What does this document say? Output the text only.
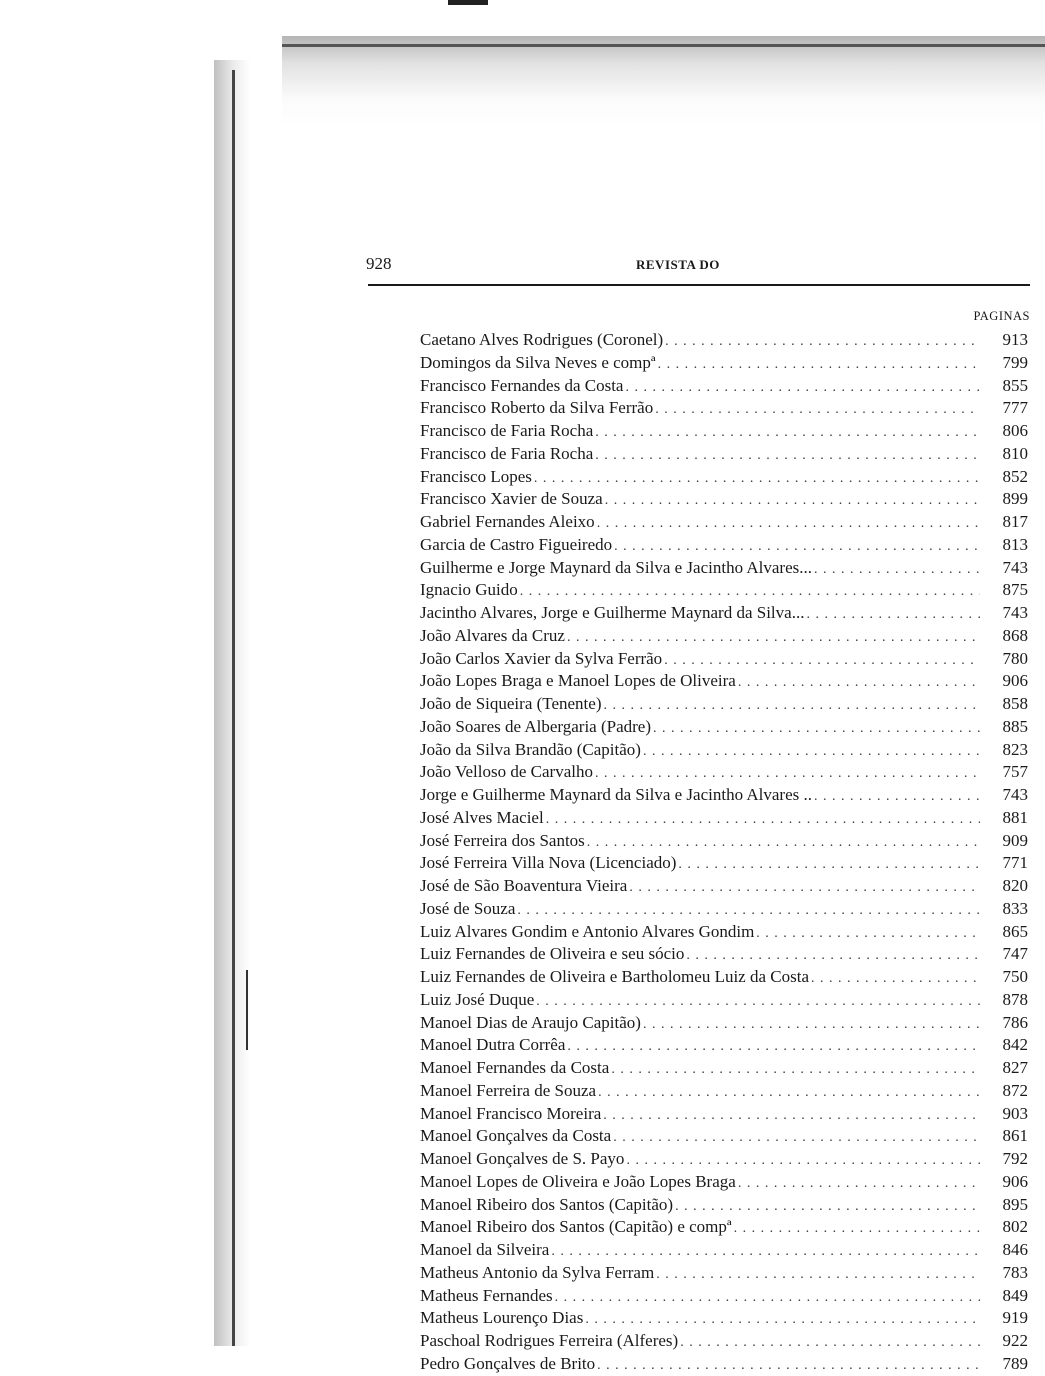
928	REVISTA DO
PAGINAS
Caetano Alves Rodrigues (Coronel) . . .	913
Domingos da Silva Neves e compª . . .	799
Francisco Fernandes da Costa . . .	855
Francisco Roberto da Silva Ferrão . . .	777
Francisco de Faria Rocha . . .	806
Francisco de Faria Rocha . . .	810
Francisco Lopes . . .	852
Francisco Xavier de Souza . . .	899
Gabriel Fernandes Aleixo . . .	817
Garcia de Castro Figueiredo . . .	813
Guilherme e Jorge Maynard da Silva e Jacintho Alvares... . . .	743
Ignacio Guido . . .	875
Jacintho Alvares, Jorge e Guilherme Maynard da Silva... . . .	743
João Alvares da Cruz . . .	868
João Carlos Xavier da Sylva Ferrão . . .	780
João Lopes Braga e Manoel Lopes de Oliveira . . .	906
João de Siqueira (Tenente) . . .	858
João Soares de Albergaria (Padre) . . .	885
João da Silva Brandão (Capitão) . . .	823
João Velloso de Carvalho . . .	757
Jorge e Guilherme Maynard da Silva e Jacintho Alvares .. . . .	743
José Alves Maciel . . .	881
José Ferreira dos Santos . . .	909
José Ferreira Villa Nova (Licenciado) . . .	771
José de São Boaventura Vieira . . .	820
José de Souza . . .	833
Luiz Alvares Gondim e Antonio Alvares Gondim . . .	865
Luiz Fernandes de Oliveira e seu sócio . . .	747
Luiz Fernandes de Oliveira e Bartholomeu Luiz da Costa . . .	750
Luiz José Duque . . .	878
Manoel Dias de Araujo Capitão) . . .	786
Manoel Dutra Corrêa . . .	842
Manoel Fernandes da Costa . . .	827
Manoel Ferreira de Souza . . .	872
Manoel Francisco Moreira . . .	903
Manoel Gonçalves da Costa . . .	861
Manoel Gonçalves de S. Payo . . .	792
Manoel Lopes de Oliveira e João Lopes Braga . . .	906
Manoel Ribeiro dos Santos (Capitão) . . .	895
Manoel Ribeiro dos Santos (Capitão) e compª . . .	802
Manoel da Silveira . . .	846
Matheus Antonio da Sylva Ferram . . .	783
Matheus Fernandes . . .	849
Matheus Lourenço Dias . . .	919
Paschoal Rodrigues Ferreira (Alferes) . . .	922
Pedro Gonçalves de Brito . . .	789
